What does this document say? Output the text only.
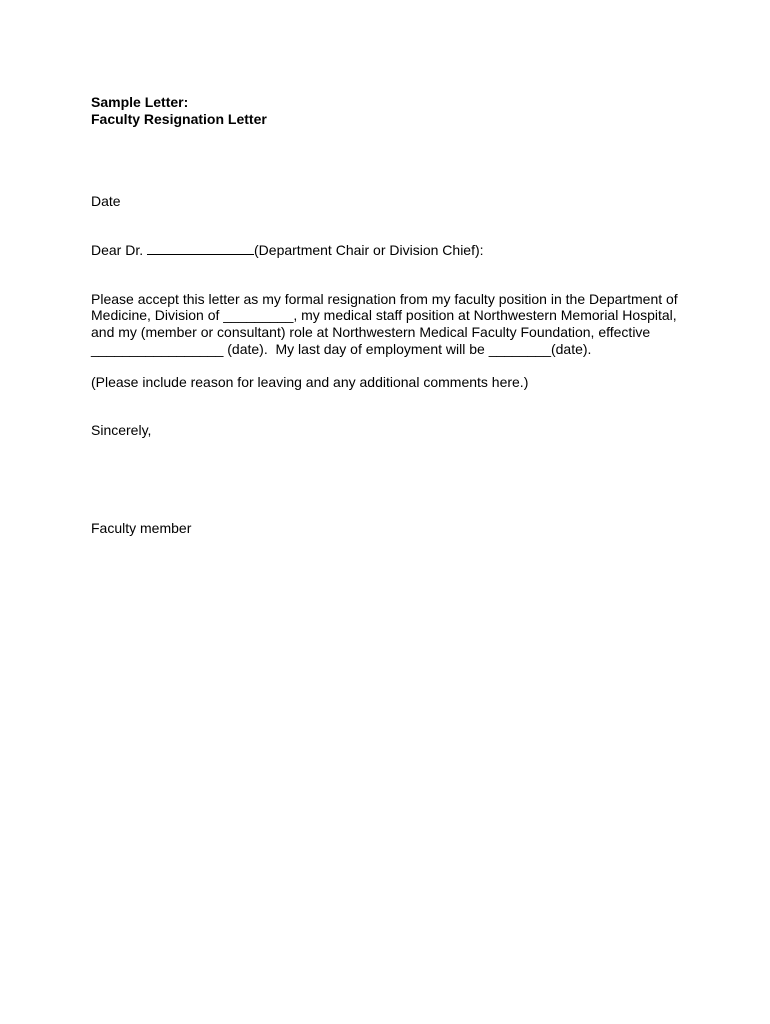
Sample Letter:
Faculty Resignation Letter
Date
Dear Dr.	(Department Chair or Division Chief):
Please accept this letter as my formal resignation from my faculty position in the Department of
Medicine, Division of _________, my medical staff position at Northwestern Memorial Hospital,
and my (member or consultant) role at Northwestern Medical Faculty Foundation, effective
_________________ (date).  My last day of employment will be ________(date).
(Please include reason for leaving and any additional comments here.)
Sincerely,
Faculty member
